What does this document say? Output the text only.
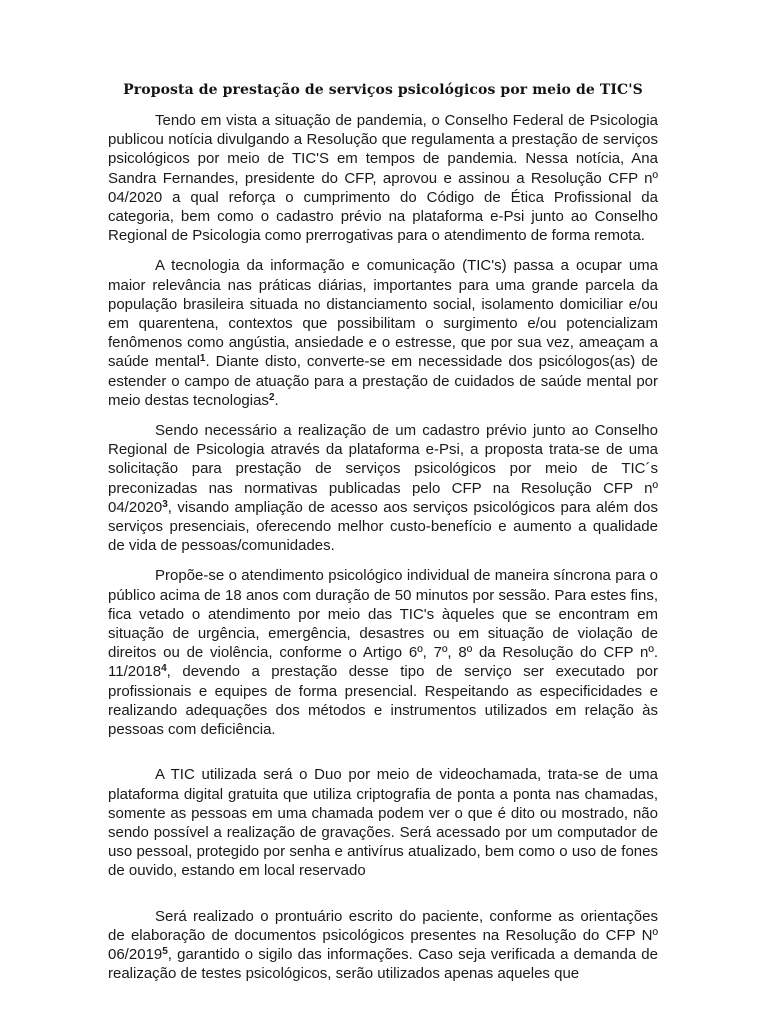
Proposta de prestação de serviços psicológicos por meio de TIC'S

Tendo em vista a situação de pandemia, o Conselho Federal de Psicologia publicou notícia divulgando a Resolução que regulamenta a prestação de serviços psicológicos por meio de TIC'S em tempos de pandemia. Nessa notícia, Ana Sandra Fernandes, presidente do CFP, aprovou e assinou a Resolução CFP nº 04/2020 a qual reforça o cumprimento do Código de Ética Profissional da categoria, bem como o cadastro prévio na plataforma e-Psi junto ao Conselho Regional de Psicologia como prerrogativas para o atendimento de forma remota.

A tecnologia da informação e comunicação (TIC's) passa a ocupar uma maior relevância nas práticas diárias, importantes para uma grande parcela da população brasileira situada no distanciamento social, isolamento domiciliar e/ou em quarentena, contextos que possibilitam o surgimento e/ou potencializam fenômenos como angústia, ansiedade e o estresse, que por sua vez, ameaçam a saúde mental$^1$. Diante disto, converte-se em necessidade dos psicólogos(as) de estender o campo de atuação para a prestação de cuidados de saúde mental por meio destas tecnologias$^2$.

Sendo necessário a realização de um cadastro prévio junto ao Conselho Regional de Psicologia através da plataforma e-Psi, a proposta trata-se de uma solicitação para prestação de serviços psicológicos por meio de TIC´s preconizadas nas normativas publicadas pelo CFP na Resolução CFP nº 04/2020$^3$, visando ampliação de acesso aos serviços psicológicos para além dos serviços presenciais, oferecendo melhor custo-benefício e aumento a qualidade de vida de pessoas/comunidades.

Propõe-se o atendimento psicológico individual de maneira síncrona para o público acima de 18 anos com duração de 50 minutos por sessão. Para estes fins, fica vetado o atendimento por meio das TIC's àqueles que se encontram em situação de urgência, emergência, desastres ou em situação de violação de direitos ou de violência, conforme o Artigo 6º, 7º, 8º da Resolução do CFP nº. 11/2018$^4$, devendo a prestação desse tipo de serviço ser executado por profissionais e equipes de forma presencial. Respeitando as especificidades e realizando adequações dos métodos e instrumentos utilizados em relação às pessoas com deficiência.

A TIC utilizada será o Duo por meio de videochamada, trata-se de uma plataforma digital gratuita que utiliza criptografia de ponta a ponta nas chamadas, somente as pessoas em uma chamada podem ver o que é dito ou mostrado, não sendo possível a realização de gravações. Será acessado por um computador de uso pessoal, protegido por senha e antivírus atualizado, bem como o uso de fones de ouvido, estando em local reservado

Será realizado o prontuário escrito do paciente, conforme as orientações de elaboração de documentos psicológicos presentes na Resolução do CFP Nº 06/2019$^5$, garantido o sigilo das informações. Caso seja verificada a demanda de realização de testes psicológicos, serão utilizados apenas aqueles que
